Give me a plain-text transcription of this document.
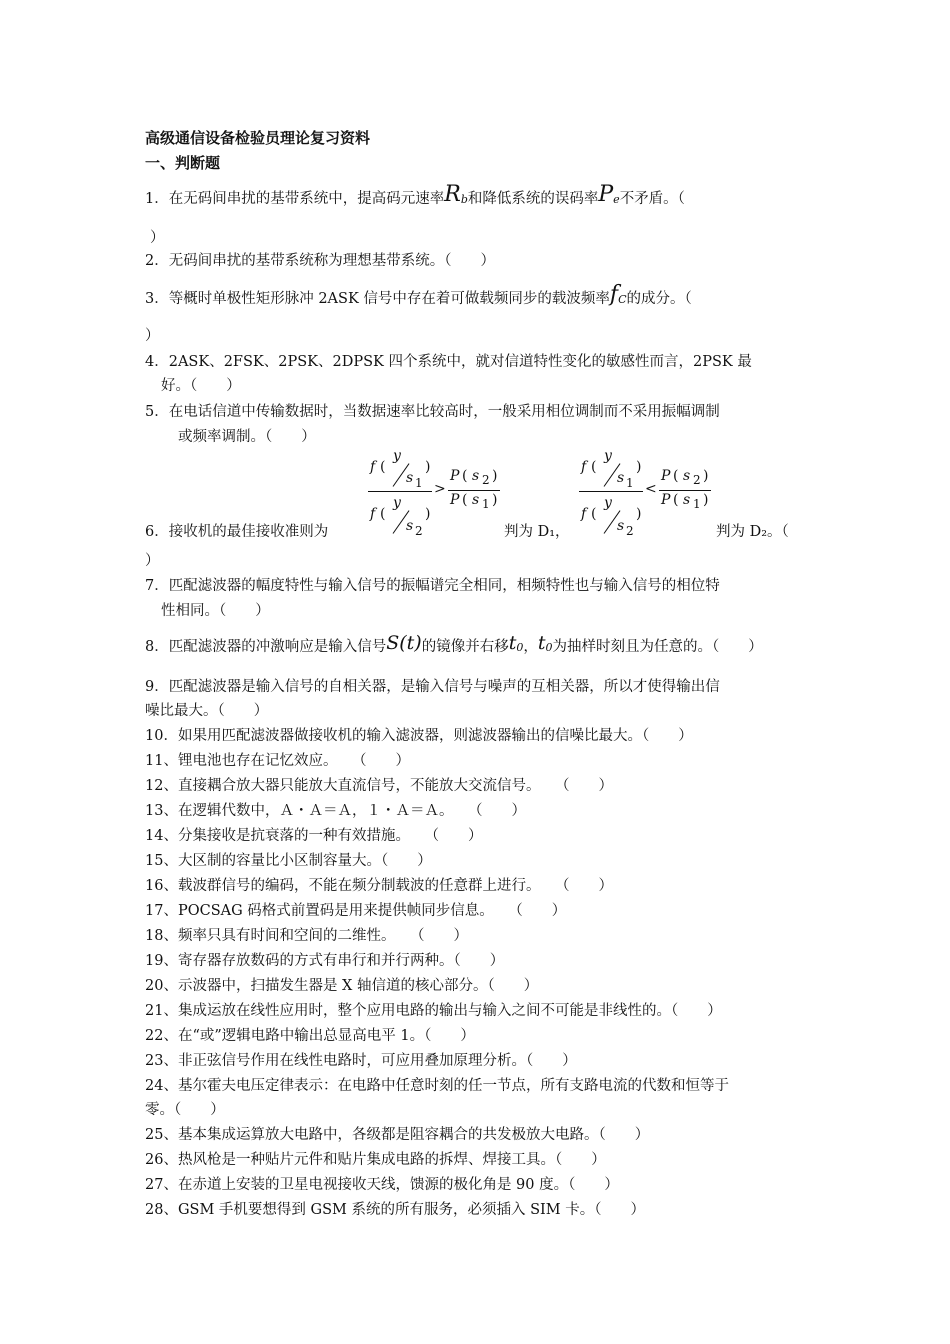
高级通信设备检验员理论复习资料
一、判断题
1．在无码间串扰的基带系统中，提高码元速率Rb和降低系统的误码率Pe不矛盾。（
）
2．无码间串扰的基带系统称为理想基带系统。（　　）
3．等概时单极性矩形脉冲 2ASK 信号中存在着可做载频同步的载波频率fC的成分。（
）
4．2ASK、2FSK、2PSK、2DPSK 四个系统中，就对信道特性变化的敏感性而言，2PSK 最
好。（　　）
5．在电话信道中传输数据时，当数据速率比较高时，一般采用相位调制而不采用振幅调制
或频率调制。（　　）
f (
y
s 1
)
f (
y
s 2
)
>
P ( s 2 )
P ( s 1 )
f (
y
s 1
)
f (
y
s 2
)
<
P ( s 2 )
P ( s 1 )
6．接收机的最佳接收准则为	判为 D₁，	判为 D₂。（
）
7．匹配滤波器的幅度特性与输入信号的振幅谱完全相同，相频特性也与输入信号的相位特
性相同。（　　）
8．匹配滤波器的冲激响应是输入信号S(t)的镜像并右移t0，t0为抽样时刻且为任意的。（　　）
9．匹配滤波器是输入信号的自相关器，是输入信号与噪声的互相关器，所以才使得输出信
噪比最大。（　　）
10．如果用匹配滤波器做接收机的输入滤波器，则滤波器输出的信噪比最大。（　　）
11、锂电池也存在记忆效应。　　（　　）
12、直接耦合放大器只能放大直流信号，不能放大交流信号。　　（　　）
13、在逻辑代数中，Ａ・Ａ＝Ａ，１・Ａ＝Ａ。　　（　　）
14、分集接收是抗衰落的一种有效措施。　　（　　）
15、大区制的容量比小区制容量大。（　　）
16、载波群信号的编码，不能在频分制载波的任意群上进行。　　（　　）
17、POCSAG 码格式前置码是用来提供帧同步信息。　　（　　）
18、频率只具有时间和空间的二维性。　　（　　）
19、寄存器存放数码的方式有串行和并行两种。（　　）
20、示波器中，扫描发生器是 X 轴信道的核心部分。（　　）
21、集成运放在线性应用时，整个应用电路的输出与输入之间不可能是非线性的。（　　）
22、在“或”逻辑电路中输出总显高电平 1。（　　）
23、非正弦信号作用在线性电路时，可应用叠加原理分析。（　　）
24、基尔霍夫电压定律表示：在电路中任意时刻的任一节点，所有支路电流的代数和恒等于
零。（　　）
25、基本集成运算放大电路中，各级都是阻容耦合的共发极放大电路。（　　）
26、热风枪是一种贴片元件和贴片集成电路的拆焊、焊接工具。（　　）
27、在赤道上安装的卫星电视接收天线，馈源的极化角是 90 度。（　　）
28、GSM 手机要想得到 GSM 系统的所有服务，必须插入 SIM 卡。（　　）
